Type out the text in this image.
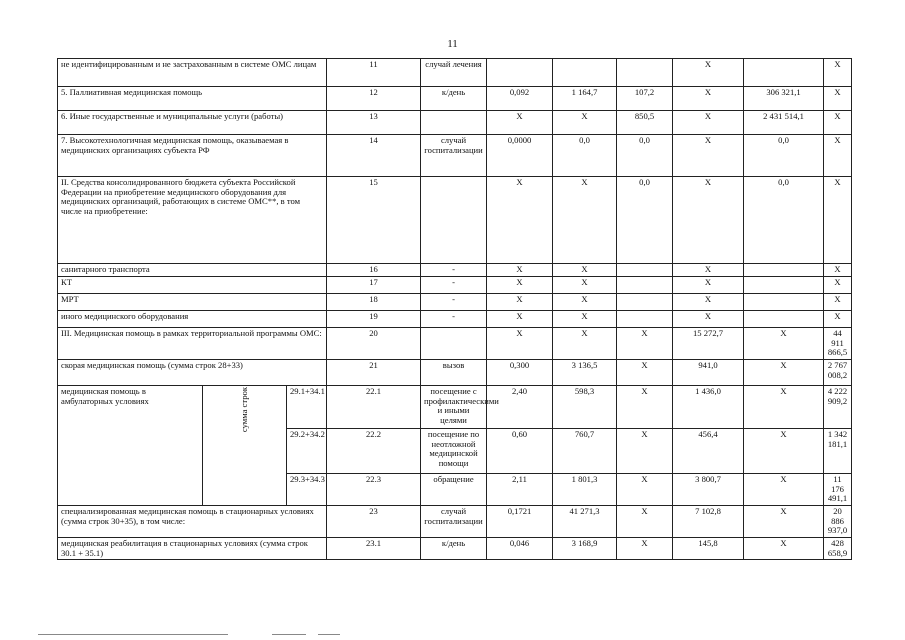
11
не идентифицированным и не застрахованным в системе ОМС лицам			11	случай лечения				X		X	
5. Паллиативная медицинская помощь			12	к/день	0,092	1 164,7	107,2	X	306 321,1	X	
6. Иные государственные и муниципальные услуги (работы)			13		X	X	850,5	X	2 431 514,1	X	
7. Высокотехнологичная медицинская помощь, оказываемая в медицинских организациях субъекта РФ			14	случай госпитализации	0,0000	0,0	0,0	X	0,0	X	
II. Средства консолидированного бюджета субъекта Российской Федерации на приобретение медицинского оборудования для медицинских организаций, работающих в системе ОМС**, в том числе на приобретение:			15		X	X	0,0	X	0,0	X	
санитарного транспорта			16	-	X	X		X		X	
КТ			17	-	X	X		X		X	
МРТ			18	-	X	X		X		X	
иного медицинского оборудования			19	-	X	X		X		X	
III. Медицинская помощь в рамках территориальной программы ОМС:			20		X	X	X	15 272,7	X	44 911 866,5	
скорая медицинская помощь (сумма строк 28+33)			21	вызов	0,300	3 136,5	X	941,0	X	2 767 008,2	
медицинская помощь в амбулаторных условиях	сумма строк	29.1+34.1	22.1	посещение с профилактическими и иными целями	2,40	598,3	X	1 436,0	X	4 222 909,2	
		29.2+34.2	22.2	посещение по неотложной медицинской помощи	0,60	760,7	X	456,4	X	1 342 181,1	
		29.3+34.3	22.3	обращение	2,11	1 801,3	X	3 800,7	X	11 176 491,1	
специализированная медицинская помощь в стационарных условиях (сумма строк 30+35), в том числе:			23	случай госпитализации	0,1721	41 271,3	X	7 102,8	X	20 886 937,0	
медицинская реабилитация в стационарных условиях (сумма строк 30.1 + 35.1)			23.1	к/день	0,046	3 168,9	X	145,8	X	428 658,9	
